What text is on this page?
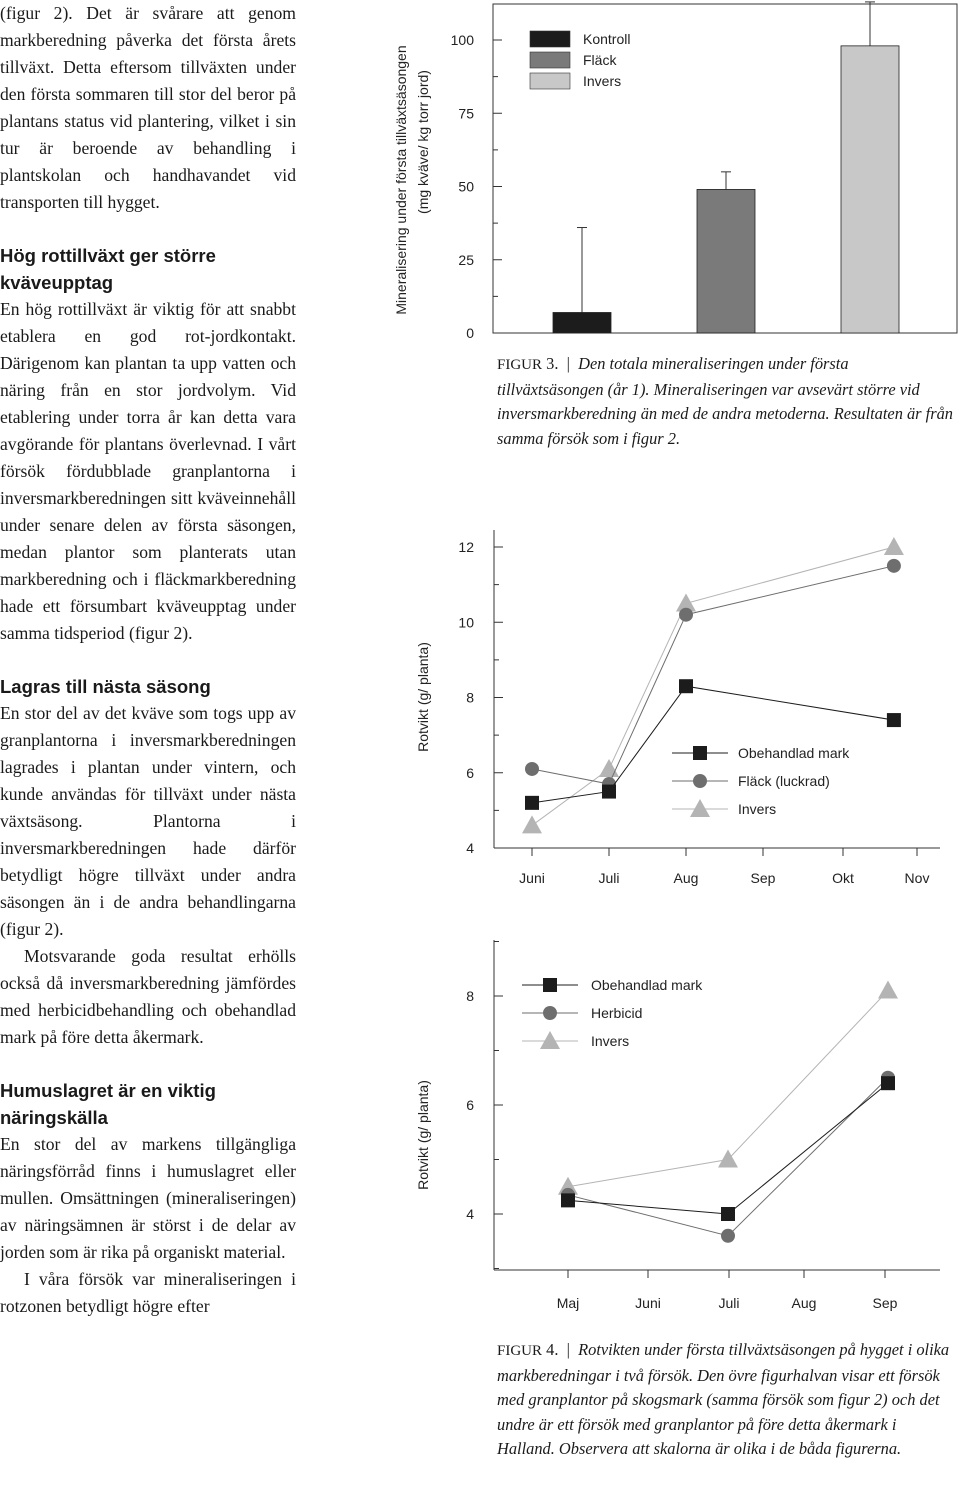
(figur 2). Det är svårare att genom markberedning påverka det första årets tillväxt. Detta eftersom tillväxten under den första sommaren till stor del beror på plantans status vid plantering, vilket i sin tur är beroende av behandling i plantskolan och handhavandet vid transporten till hygget.

Hög rottillväxt ger större kväveupptag

En hög rottillväxt är viktig för att snabbt etablera en god rot-jordkontakt. Därigenom kan plantan ta upp vatten och näring från en stor jordvolym. Vid etablering under torra år kan detta vara avgörande för plantans överlevnad. I vårt försök fördubblade granplantorna i inversmarkberedningen sitt kväveinnehåll under senare delen av första säsongen, medan plantor som planterats utan markberedning och i fläckmarkberedning hade ett försumbart kväveupptag under samma tidsperiod (figur 2).

Lagras till nästa säsong

En stor del av det kväve som togs upp av granplantorna i inversmarkberedningen lagrades i plantan under vintern, och kunde användas för tillväxt under nästa växtsäsong. Plantorna i inversmarkberedningen hade därför betydligt högre tillväxt under andra säsongen än i de andra behandlingarna (figur 2).

Motsvarande goda resultat erhölls också då inversmarkberedning jämfördes med herbicidbehandling och obehandlad mark på före detta åkermark.

Humuslagret är en viktig näringskälla

En stor del av markens tillgängliga näringsförråd finns i humuslagret eller mullen. Omsättningen (mineraliseringen) av näringsämnen är störst i de delar av jorden som är rika på organiskt material.

I våra försök var mineraliseringen i rotzonen betydligt högre efter

FIGUR 3.  |  Den totala mineraliseringen under första tillväxtsäsongen (år 1). Mineraliseringen var avsevärt större vid inversmarkberedning än med de andra metoderna. Resultaten är från samma försök som i figur 2.
FIGUR 4.  |  Rotvikten under första tillväxtsäsongen på hygget i olika markberedningar i två försök. Den övre figurhalvan visar ett försök med granplantor på skogsmark (samma försök som figur 2) och det undre är ett försök med granplantor på före detta åkermark i Halland. Observera att skalorna är olika i de båda figurerna.
0
25
50
75
100
Mineralisering under första tillväxtsäsongen (mg kväve/ kg torr jord)
Kontroll
Fläck
Invers
4
6
8
10
12
Rotvikt (g/ planta)
Juni	Juli	Aug	Sep	Okt	Nov
Obehandlad mark
Fläck (luckrad)
Invers
4
6
8
Rotvikt (g/ planta)
Maj	Juni	Juli	Aug	Sep
Obehandlad mark
Herbicid
Invers
